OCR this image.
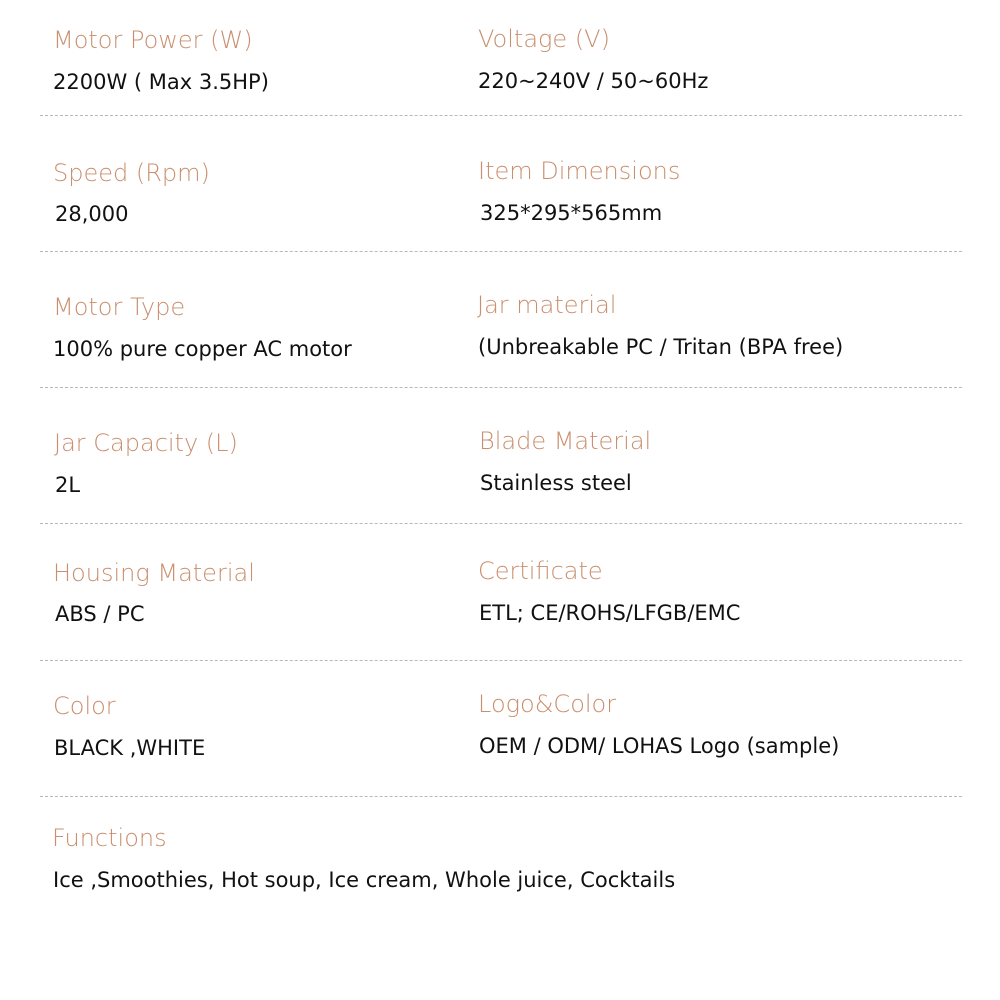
Motor Power (W)
2200W ( Max 3.5HP)
Voltage (V)
220~240V / 50~60Hz
Speed (Rpm)
28,000
Item Dimensions
325*295*565mm
Motor Type
100% pure copper AC motor
Jar material
(Unbreakable PC / Tritan (BPA free)
Jar Capacity (L)
2L
Blade Material
Stainless steel
Housing Material
ABS / PC
Certificate
ETL; CE/ROHS/LFGB/EMC
Color
BLACK ,WHITE
Logo&Color
OEM / ODM/ LOHAS Logo (sample)
Functions
Ice ,Smoothies, Hot soup, Ice cream, Whole juice, Cocktails
